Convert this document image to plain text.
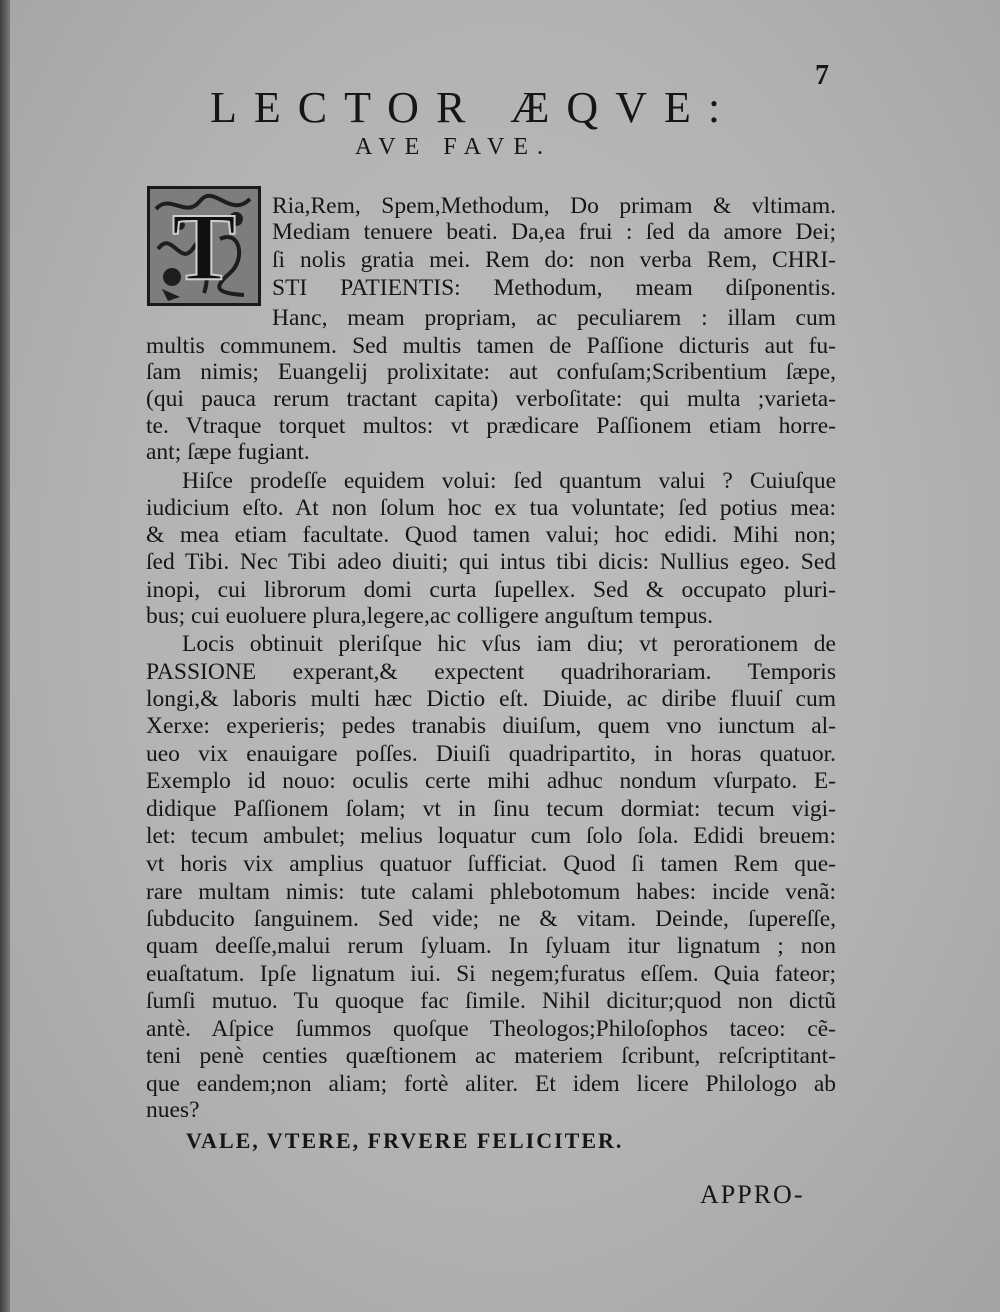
7
LECTOR ÆQVE:
AVE FAVE.
T Ria,Rem, Spem,Methodum, Do primam & vltimam.
Mediam tenuere beati. Da,ea frui : ſed da amore Dei;
ſi nolis gratia mei. Rem do: non verba Rem, CHRI-
STI PATIENTIS: Methodum, meam diſponentis.
Hanc, meam propriam, ac peculiarem : illam cum
multis communem. Sed multis tamen de Paſſione dicturis aut fu-
ſam nimis; Euangelij prolixitate: aut confuſam;Scribentium ſæpe,
(qui pauca rerum tractant capita) verboſitate: qui multa ;varieta-
te. Vtraque torquet multos: vt prædicare Paſſionem etiam horre-
ant; ſæpe fugiant.
Hiſce prodeſſe equidem volui: ſed quantum valui ? Cuiuſque
iudicium eſto. At non ſolum hoc ex tua voluntate; ſed potius mea:
& mea etiam facultate. Quod tamen valui; hoc edidi. Mihi non;
ſed Tibi. Nec Tibi adeo diuiti; qui intus tibi dicis: Nullius egeo. Sed
inopi, cui librorum domi curta ſupellex. Sed & occupato pluri-
bus; cui euoluere plura,legere,ac colligere anguſtum tempus.
Locis obtinuit pleriſque hic vſus iam diu; vt perorationem de
PASSIONE experant,& expectent quadrihorariam. Temporis
longi,& laboris multi hæc Dictio eſt. Diuide, ac diribe fluuiſ cum
Xerxe: experieris; pedes tranabis diuiſum, quem vno iunctum al-
ueo vix enauigare poſſes. Diuiſi quadripartito, in horas quatuor.
Exemplo id nouo: oculis certe mihi adhuc nondum vſurpato. E-
didique Paſſionem ſolam; vt in ſinu tecum dormiat: tecum vigi-
let: tecum ambulet; melius loquatur cum ſolo ſola. Edidi breuem:
vt horis vix amplius quatuor ſufficiat. Quod ſi tamen Rem que-
rare multam nimis: tute calami phlebotomum habes: incide venã:
ſubducito ſanguinem. Sed vide; ne & vitam. Deinde, ſupereſſe,
quam deeſſe,malui rerum ſyluam. In ſyluam itur lignatum ; non
euaſtatum. Ipſe lignatum iui. Si negem;furatus eſſem. Quia fateor;
ſumſi mutuo. Tu quoque fac ſimile. Nihil dicitur;quod non dictũ
antè. Aſpice ſummos quoſque Theologos;Philoſophos taceo: cẽ-
teni penè centies quæſtionem ac materiem ſcribunt, reſcriptitant-
que eandem;non aliam; fortè aliter. Et idem licere Philologo ab
nues?
VALE, VTERE, FRVERE FELICITER.
APPRO-
